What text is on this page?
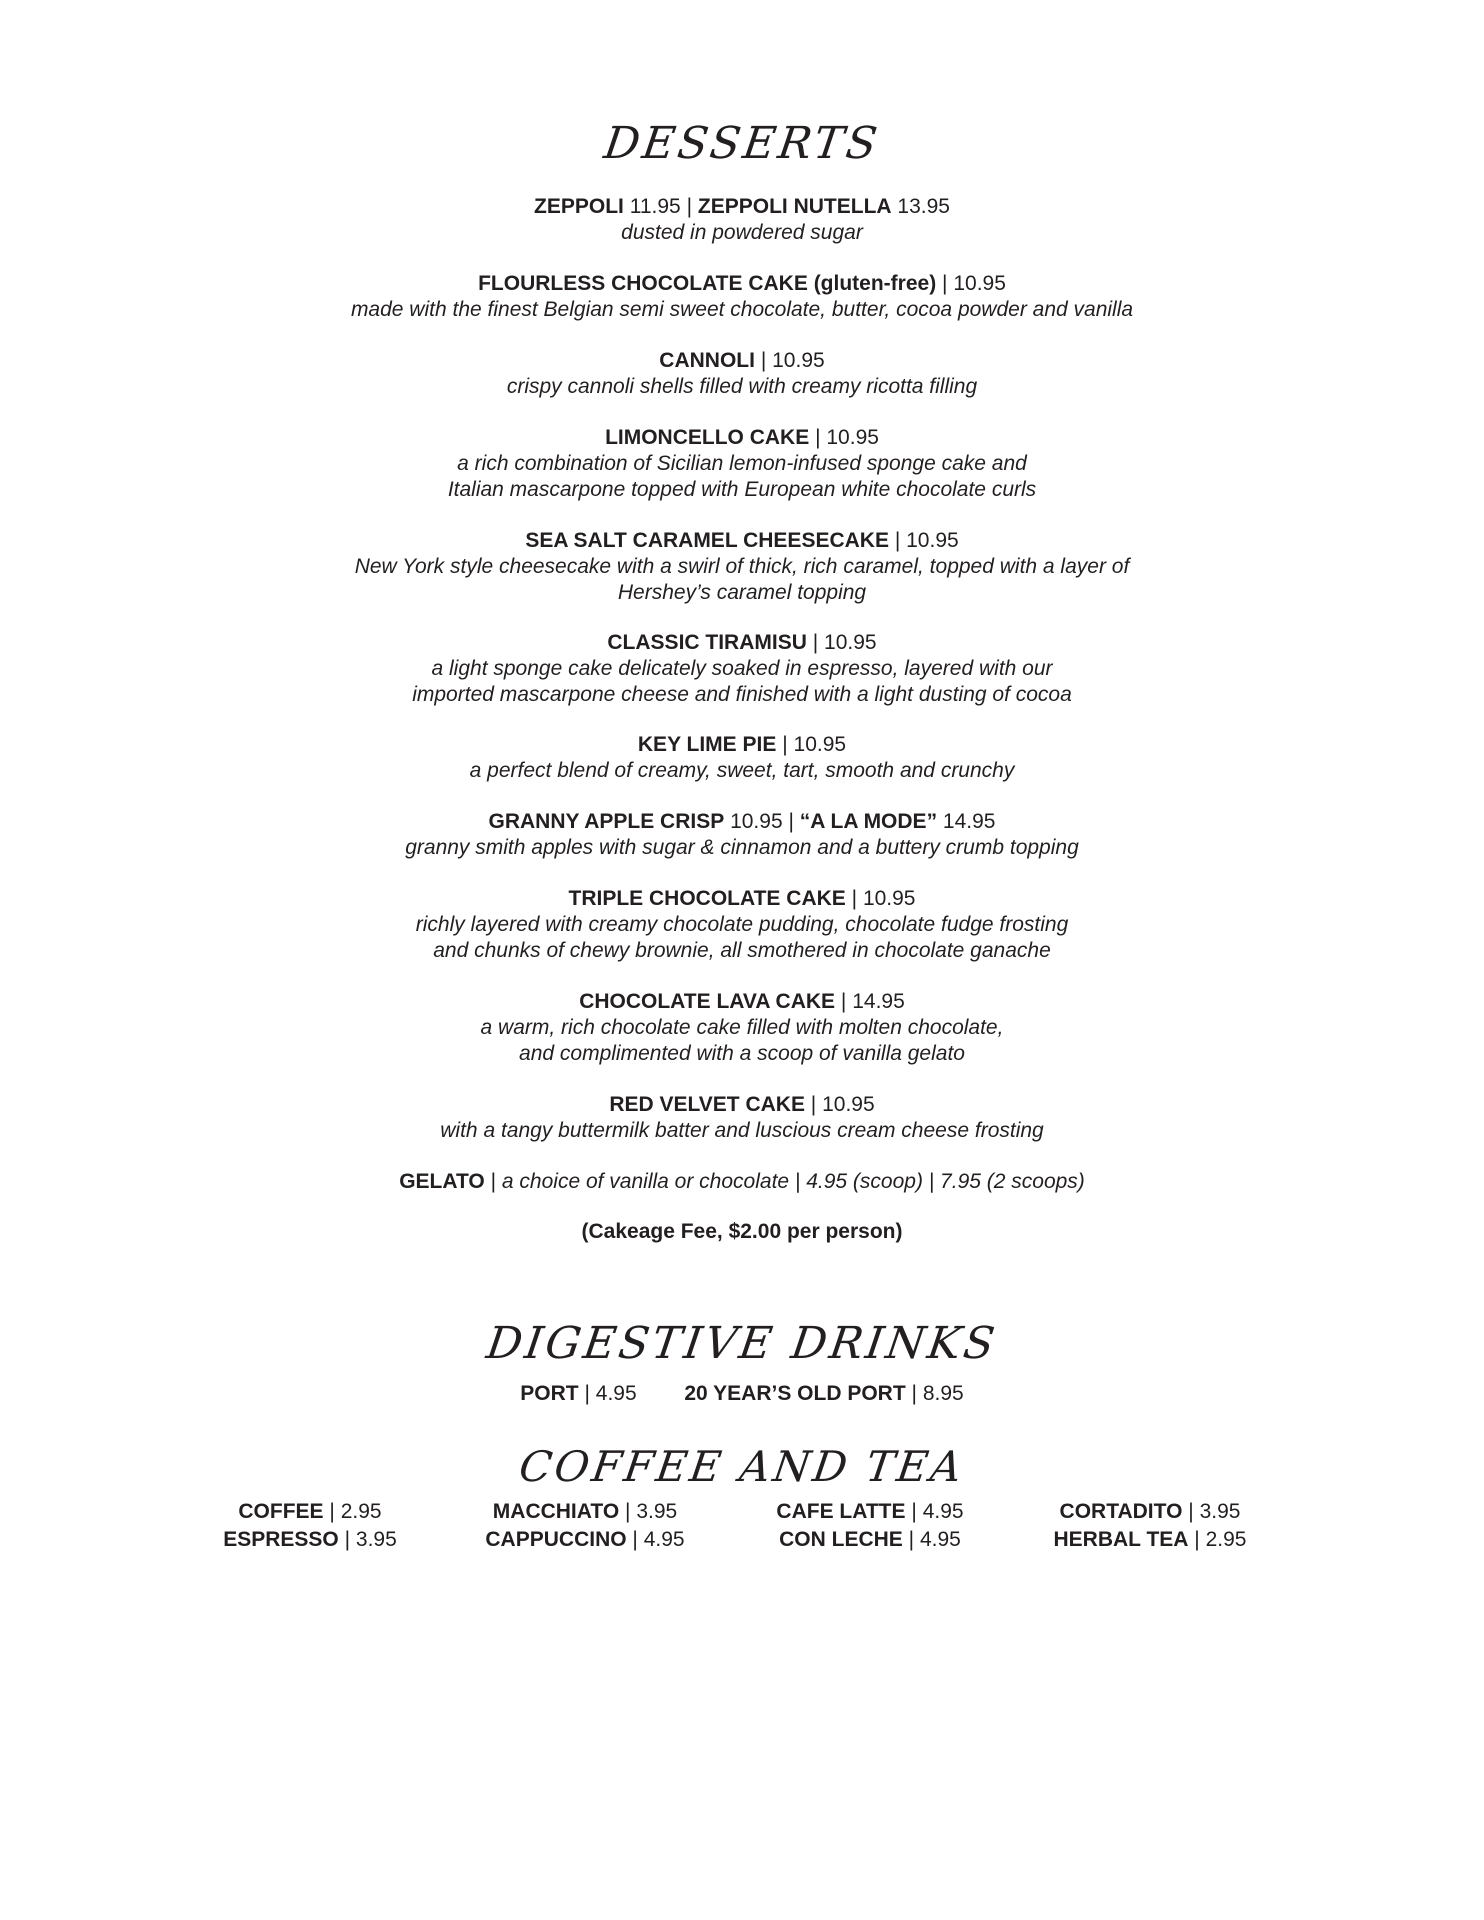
DESSERTS
ZEPPOLI 11.95 | ZEPPOLI NUTELLA 13.95
dusted in powdered sugar
FLOURLESS CHOCOLATE CAKE (gluten-free) | 10.95
made with the finest Belgian semi sweet chocolate, butter, cocoa powder and vanilla
CANNOLI | 10.95
crispy cannoli shells filled with creamy ricotta filling
LIMONCELLO CAKE | 10.95
a rich combination of Sicilian lemon-infused sponge cake and
Italian mascarpone topped with European white chocolate curls
SEA SALT CARAMEL CHEESECAKE | 10.95
New York style cheesecake with a swirl of thick, rich caramel, topped with a layer of
Hershey’s caramel topping
CLASSIC TIRAMISU | 10.95
a light sponge cake delicately soaked in espresso, layered with our
imported mascarpone cheese and finished with a light dusting of cocoa
KEY LIME PIE | 10.95
a perfect blend of creamy, sweet, tart, smooth and crunchy
GRANNY APPLE CRISP 10.95 | “A LA MODE” 14.95
granny smith apples with sugar & cinnamon and a buttery crumb topping
TRIPLE CHOCOLATE CAKE | 10.95
richly layered with creamy chocolate pudding, chocolate fudge frosting
and chunks of chewy brownie, all smothered in chocolate ganache
CHOCOLATE LAVA CAKE | 14.95
a warm, rich chocolate cake filled with molten chocolate,
and complimented with a scoop of vanilla gelato
RED VELVET CAKE | 10.95
with a tangy buttermilk batter and luscious cream cheese frosting
GELATO | a choice of vanilla or chocolate | 4.95 (scoop) | 7.95 (2 scoops)
(Cakeage Fee, $2.00 per person)
DIGESTIVE DRINKS
PORT | 4.95 20 YEAR’S OLD PORT | 8.95
COFFEE AND TEA
COFFEE | 2.95
ESPRESSO | 3.95
MACCHIATO | 3.95
CAPPUCCINO | 4.95
CAFE LATTE | 4.95
CON LECHE | 4.95
CORTADITO | 3.95
HERBAL TEA | 2.95
